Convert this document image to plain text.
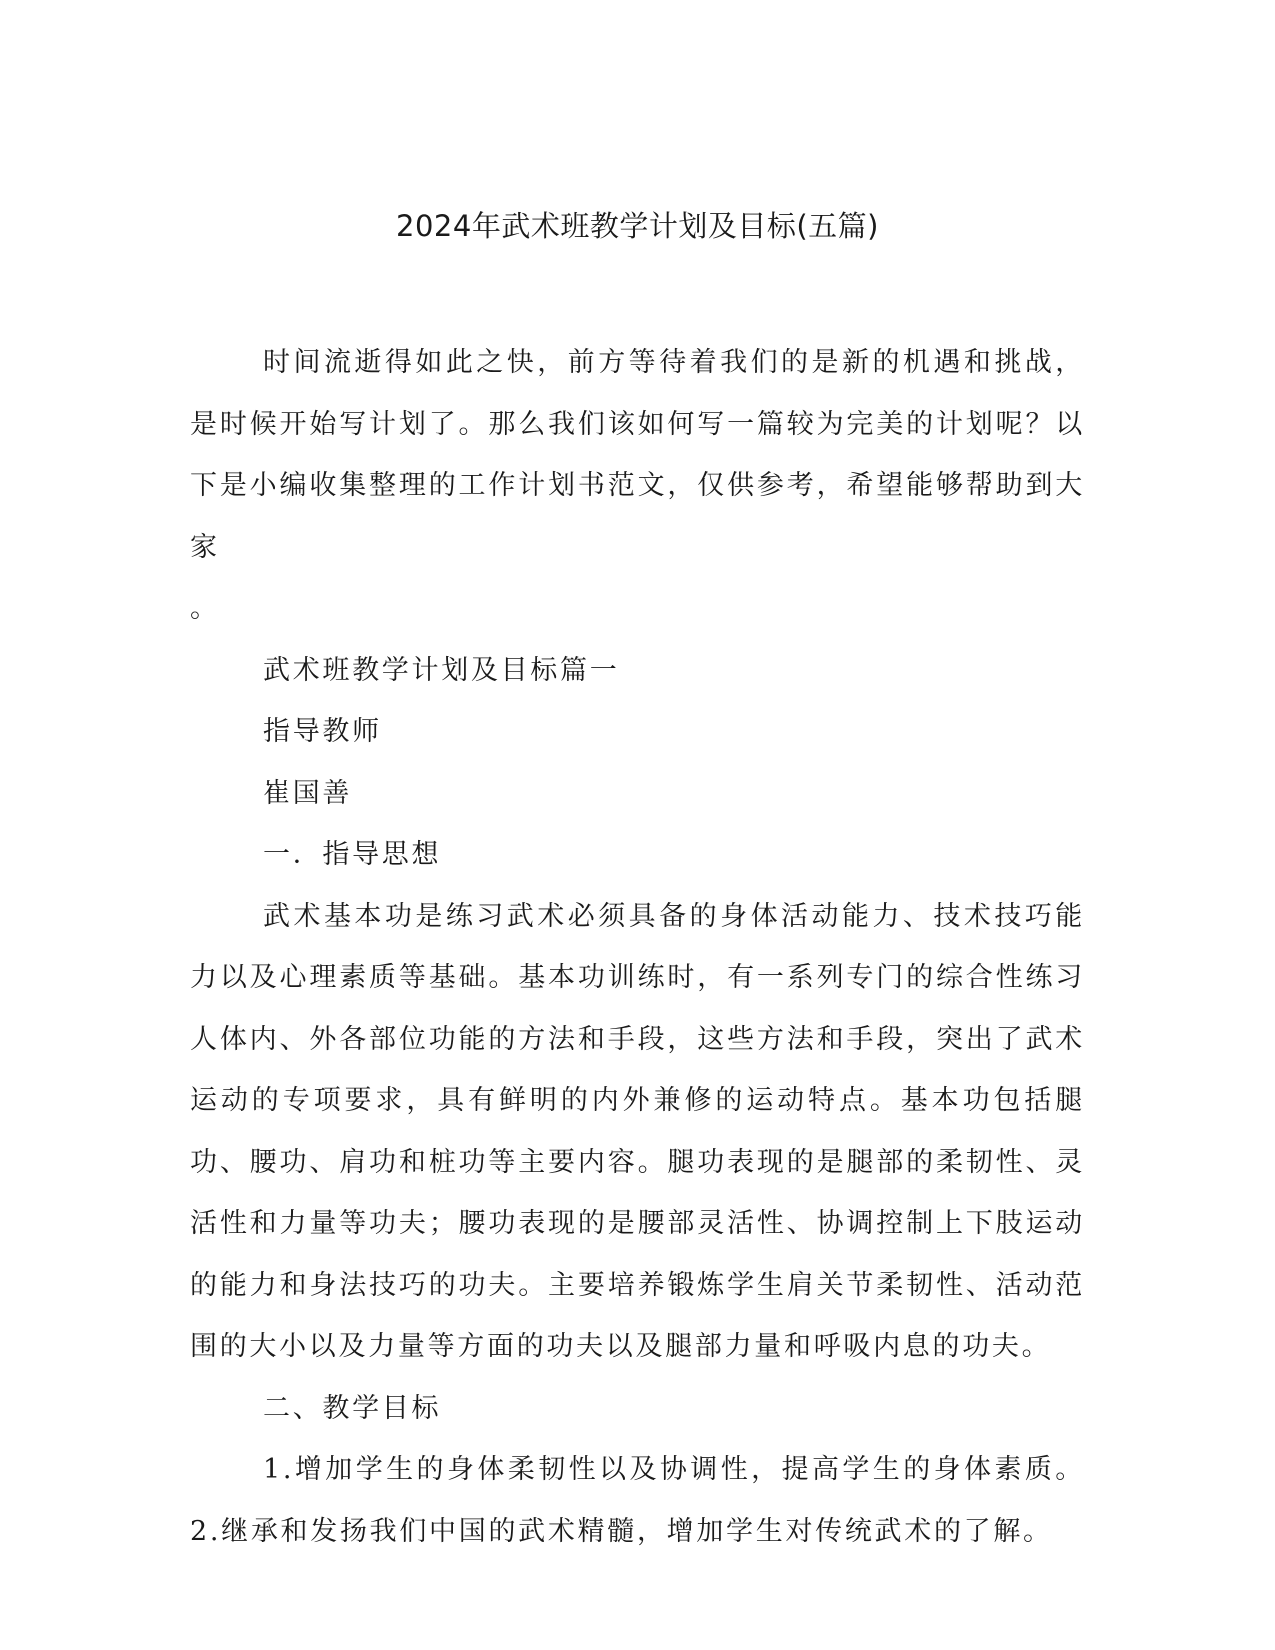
2024年武术班教学计划及目标(五篇)

时间流逝得如此之快，前方等待着我们的是新的机遇和挑战，是时候开始写计划了。那么我们该如何写一篇较为完美的计划呢？以下是小编收集整理的工作计划书范文，仅供参考，希望能够帮助到大家

。

武术班教学计划及目标篇一

指导教师

崔国善

一．指导思想

武术基本功是练习武术必须具备的身体活动能力、技术技巧能力以及心理素质等基础。基本功训练时，有一系列专门的综合性练习人体内、外各部位功能的方法和手段，这些方法和手段，突出了武术运动的专项要求，具有鲜明的内外兼修的运动特点。基本功包括腿功、腰功、肩功和桩功等主要内容。腿功表现的是腿部的柔韧性、灵活性和力量等功夫；腰功表现的是腰部灵活性、协调控制上下肢运动的能力和身法技巧的功夫。主要培养锻炼学生肩关节柔韧性、活动范围的大小以及力量等方面的功夫以及腿部力量和呼吸内息的功夫。

二、教学目标

1.增加学生的身体柔韧性以及协调性，提高学生的身体素质。2.继承和发扬我们中国的武术精髓，增加学生对传统武术的了解。
